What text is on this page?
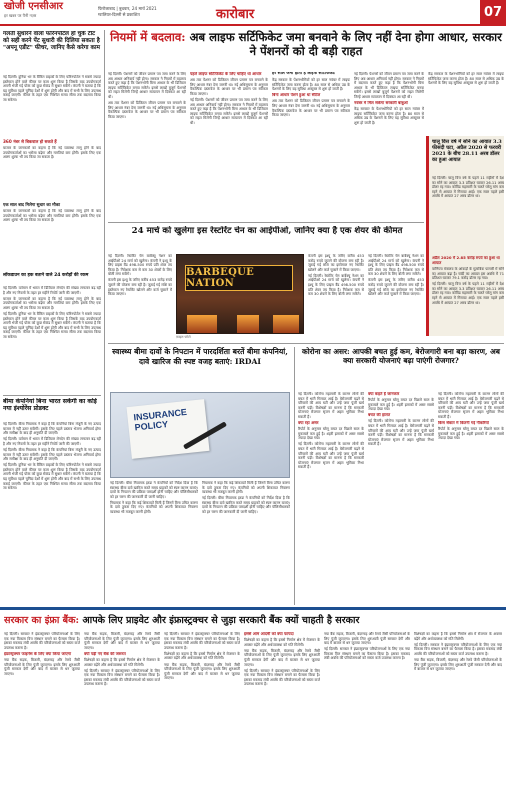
खोजी एनसीआर
हर खबर पर पैनी नज़र
फिरोजाबाद | बुधवार, 24 मार्च 2021
ग्वालियर-दिल्ली से प्रकाशित	कारोबार	07
गलती सुधारने वाला फॉरेनपोर्टल हो चुके टीट को सही करने पेंट सुधारी की दिलिया सकता है "अपनू एडीट" फीचर, जानिए कैसे करेगा काम

नई दिल्ली। दुनिया भर के बैंकिंग ग्राहकों के लिए फॉरेनपोर्टल ने सबसे ज्यादा इस्तेमाल होने वाले फीचर पर काम शुरू किया है जिसके बाद उपयोगकर्ता अपनी भेजी गई पोस्ट को कुछ सेकंड में सुधार सकेंगे। कंपनी ने बताया है कि यह सुविधा पहले चुनिंदा देशों में शुरू होगी और बाद में सभी के लिए उपलब्ध कराई जाएगी। फीचर के तहत एक निश्चित समय सीमा तक बदलाव किया जा सकेगा।

360 नंबर से बिकवाल हो सकते हैं

बाजार के जानकारों का कहना है कि नई व्यवस्था लागू होने के बाद उपयोगकर्ताओं का भरोसा बढ़ेगा और गलतियां कम होंगी। इसके लिए एक अलग शुल्क भी तय किया जा सकता है।

एक साल बाद मिलेगा सुधार का मौका

बाजार के जानकारों का कहना है कि नई व्यवस्था लागू होने के बाद उपयोगकर्ताओं का भरोसा बढ़ेगा और गलतियां कम होंगी। इसके लिए एक अलग शुल्क भी तय किया जा सकता है।

लॉकडाउन का हक बताने वाले 24 करोड़ों की रकम

नई दिल्ली। वर्तमान में भारत में डिजिटल लेनदेन की संख्या लगातार बढ़ रही है और नए नियमों के तहत हर महीने रिपोर्ट जारी की जाएगी।

बाजार के जानकारों का कहना है कि नई व्यवस्था लागू होने के बाद उपयोगकर्ताओं का भरोसा बढ़ेगा और गलतियां कम होंगी। इसके लिए एक अलग शुल्क भी तय किया जा सकता है।

नई दिल्ली। दुनिया भर के बैंकिंग ग्राहकों के लिए फॉरेनपोर्टल ने सबसे ज्यादा इस्तेमाल होने वाले फीचर पर काम शुरू किया है जिसके बाद उपयोगकर्ता अपनी भेजी गई पोस्ट को कुछ सेकंड में सुधार सकेंगे। कंपनी ने बताया है कि यह सुविधा पहले चुनिंदा देशों में शुरू होगी और बाद में सभी के लिए उपलब्ध कराई जाएगी। फीचर के तहत एक निश्चित समय सीमा तक बदलाव किया जा सकेगा।

बीमा कंपनियां बिना भारत सकेंगी का कोई नया इंश्योरेंस प्रोडक्ट

नई दिल्ली। बीमा नियामक ने कहा है कि कंपनियां बिना मंजूरी के नए उत्पाद बाजार में नहीं उतार सकेंगी। इसके लिए पहले प्रस्ताव भेजना अनिवार्य होगा और समीक्षा के बाद ही अनुमति दी जाएगी।

नई दिल्ली। वर्तमान में भारत में डिजिटल लेनदेन की संख्या लगातार बढ़ रही है और नए नियमों के तहत हर महीने रिपोर्ट जारी की जाएगी।

नई दिल्ली। बीमा नियामक ने कहा है कि कंपनियां बिना मंजूरी के नए उत्पाद बाजार में नहीं उतार सकेंगी। इसके लिए पहले प्रस्ताव भेजना अनिवार्य होगा और समीक्षा के बाद ही अनुमति दी जाएगी।

नई दिल्ली। दुनिया भर के बैंकिंग ग्राहकों के लिए फॉरेनपोर्टल ने सबसे ज्यादा इस्तेमाल होने वाले फीचर पर काम शुरू किया है जिसके बाद उपयोगकर्ता अपनी भेजी गई पोस्ट को कुछ सेकंड में सुधार सकेंगे। कंपनी ने बताया है कि यह सुविधा पहले चुनिंदा देशों में शुरू होगी और बाद में सभी के लिए उपलब्ध कराई जाएगी। फीचर के तहत एक निश्चित समय सीमा तक बदलाव किया जा सकेगा।

नियमों में बदलाव: अब लाइफ सर्टिफिकेट जमा बनवाने के लिए नहीं देना होगा आधार, सरकार ने पेंशनरों को दी बड़ी राहत

नई दिल्ली। पेंशनरों को जीवन प्रमाण पत्र जमा करने के लिए अब आधार अनिवार्य नहीं होगा। सरकार ने नियमों में बदलाव करते हुए कहा है कि पेंशनभोगी बिना आधार के भी डिजिटल लाइफ सर्टिफिकेट बनवा सकेंगे। इससे लाखों बुजुर्ग पेंशनरों को राहत मिलेगी जिन्हें आधार सत्यापन में दिक्कत आ रही थी।

अब तक पेंशनर को डिजिटल जीवन प्रमाण पत्र बनवाने के लिए आधार नंबर देना जरूरी था। नई अधिसूचना के अनुसार वैकल्पिक दस्तावेज के आधार पर भी प्रमाण पत्र स्वीकार किया जाएगा।

पहले लाइफ सर्टिफिकेट के लिए चाहिए था आधार

अब तक पेंशनर को डिजिटल जीवन प्रमाण पत्र बनवाने के लिए आधार नंबर देना जरूरी था। नई अधिसूचना के अनुसार वैकल्पिक दस्तावेज के आधार पर भी प्रमाण पत्र स्वीकार किया जाएगा।

नई दिल्ली। पेंशनरों को जीवन प्रमाण पत्र जमा करने के लिए अब आधार अनिवार्य नहीं होगा। सरकार ने नियमों में बदलाव करते हुए कहा है कि पेंशनभोगी बिना आधार के भी डिजिटल लाइफ सर्टिफिकेट बनवा सकेंगे। इससे लाखों बुजुर्ग पेंशनरों को राहत मिलेगी जिन्हें आधार सत्यापन में दिक्कत आ रही थी।

हर साल जमा होता है लाइफ सर्टिफिकेट

केंद्र सरकार के पेंशनभोगियों को हर साल नवंबर में लाइफ सर्टिफिकेट जमा करना होता है। 80 साल से अधिक उम्र के पेंशनरों के लिए यह सुविधा अक्टूबर से शुरू हो जाती है।

बिना आधार पेंशन हुआ था सीटेल

अब तक पेंशनर को डिजिटल जीवन प्रमाण पत्र बनवाने के लिए आधार नंबर देना जरूरी था। नई अधिसूचना के अनुसार वैकल्पिक दस्तावेज के आधार पर भी प्रमाण पत्र स्वीकार किया जाएगा।

नई दिल्ली। पेंशनरों को जीवन प्रमाण पत्र जमा करने के लिए अब आधार अनिवार्य नहीं होगा। सरकार ने नियमों में बदलाव करते हुए कहा है कि पेंशनभोगी बिना आधार के भी डिजिटल लाइफ सर्टिफिकेट बनवा सकेंगे। इससे लाखों बुजुर्ग पेंशनरों को राहत मिलेगी जिन्हें आधार सत्यापन में दिक्कत आ रही थी।

नवंबर में मिल सकेगा सरकारी बाबुओं

केंद्र सरकार के पेंशनभोगियों को हर साल नवंबर में लाइफ सर्टिफिकेट जमा करना होता है। 80 साल से अधिक उम्र के पेंशनरों के लिए यह सुविधा अक्टूबर से शुरू हो जाती है।

केंद्र सरकार के पेंशनभोगियों को हर साल नवंबर में लाइफ सर्टिफिकेट जमा करना होता है। 80 साल से अधिक उम्र के पेंशनरों के लिए यह सुविधा अक्टूबर से शुरू हो जाती है।

चालू वित्त वर्ष में सोने का आयात 3.3 फीसदी घटा, अप्रैल 2020 से फरवरी 2021 के बीच 28.11 अरब डॉलर का हुआ आयात

नई दिल्ली। चालू वित्त वर्ष के पहले 11 महीनों में देश का सोने का आयात 3.3 प्रतिशत घटकर 26.11 अरब डॉलर रह गया। कोविड महामारी के चलते घरेलू मांग कम रहने से आयात में गिरावट आई। एक साल पहले इसी अवधि में आयात 27 अरब डॉलर था।

अप्रैल 2020 में 2.85 करोड़ रुपये का हुआ था आयात

वाणिज्य मंत्रालय के आंकड़ों के मुताबिक फरवरी में सोने का आयात बढ़ा है। चांदी का आयात इस अवधि में 71 प्रतिशत घटकर 79.1 करोड़ डॉलर रह गया।

नई दिल्ली। चालू वित्त वर्ष के पहले 11 महीनों में देश का सोने का आयात 3.3 प्रतिशत घटकर 26.11 अरब डॉलर रह गया। कोविड महामारी के चलते घरेलू मांग कम रहने से आयात में गिरावट आई। एक साल पहले इसी अवधि में आयात 27 अरब डॉलर था।

24 मार्च को खुलेगा इस रेस्टोरेंट चेन का आईपीओ, जानिए क्या है एक शेयर की कीमत

नई दिल्ली। रेस्टोरेंट चेन बार्बेक्यू नेशन का आईपीओ 24 मार्च को खुलेगा। कंपनी ने इश्यू के लिए प्राइस बैंड 498-500 रुपये प्रति शेयर तय किया है। निवेशक कम से कम 30 शेयरों के लिए बोली लगा सकेंगे।

कंपनी इस इश्यू के जरिए करीब 453 करोड़ रुपये जुटाने की योजना बना रही है। जुटाई गई राशि का इस्तेमाल नए रेस्टोरेंट खोलने और कर्ज चुकाने में किया जाएगा।

BARBEQUE NATION
फ़ाइल फोटो

कंपनी इस इश्यू के जरिए करीब 453 करोड़ रुपये जुटाने की योजना बना रही है। जुटाई गई राशि का इस्तेमाल नए रेस्टोरेंट खोलने और कर्ज चुकाने में किया जाएगा।

नई दिल्ली। रेस्टोरेंट चेन बार्बेक्यू नेशन का आईपीओ 24 मार्च को खुलेगा। कंपनी ने इश्यू के लिए प्राइस बैंड 498-500 रुपये प्रति शेयर तय किया है। निवेशक कम से कम 30 शेयरों के लिए बोली लगा सकेंगे।

नई दिल्ली। रेस्टोरेंट चेन बार्बेक्यू नेशन का आईपीओ 24 मार्च को खुलेगा। कंपनी ने इश्यू के लिए प्राइस बैंड 498-500 रुपये प्रति शेयर तय किया है। निवेशक कम से कम 30 शेयरों के लिए बोली लगा सकेंगे।

कंपनी इस इश्यू के जरिए करीब 453 करोड़ रुपये जुटाने की योजना बना रही है। जुटाई गई राशि का इस्तेमाल नए रेस्टोरेंट खोलने और कर्ज चुकाने में किया जाएगा।

स्वास्थ्य बीमा दावों के निपटान में पारदर्शिता बरतें बीमा कंपनियां, दावे खारिज की स्पष्ट वजह बताएं: IRDAI
INSURANCE POLICY

नई दिल्ली। बीमा नियामक इरडा ने कंपनियों को निर्देश दिया है कि स्वास्थ्य बीमा दावे खारिज करते समय ग्राहकों को स्पष्ट कारण बताएं। दावों के निपटान की प्रक्रिया पारदर्शी होनी चाहिए और पॉलिसीधारकों को हर चरण की जानकारी दी जानी चाहिए।

नियामक ने कहा कि कई शिकायतें मिली हैं जिनमें बिना उचित कारण के दावे ठुकरा दिए गए। कंपनियों को अपनी शिकायत निवारण व्यवस्था भी मजबूत करनी होगी।

नियामक ने कहा कि कई शिकायतें मिली हैं जिनमें बिना उचित कारण के दावे ठुकरा दिए गए। कंपनियों को अपनी शिकायत निवारण व्यवस्था भी मजबूत करनी होगी।

नई दिल्ली। बीमा नियामक इरडा ने कंपनियों को निर्देश दिया है कि स्वास्थ्य बीमा दावे खारिज करते समय ग्राहकों को स्पष्ट कारण बताएं। दावों के निपटान की प्रक्रिया पारदर्शी होनी चाहिए और पॉलिसीधारकों को हर चरण की जानकारी दी जानी चाहिए।

कोरोना का असर: आपकी बचत हुई कम, बेरोजगारी बना बड़ा कारण, अब क्या सरकारी योजनाएं बढ़ा पाएंगी रोजगार?

नई दिल्ली। कोरोना महामारी के कारण लोगों की बचत में भारी गिरावट आई है। बेरोजगारी बढ़ने से परिवारों की आय घटी और उन्हें जमा पूंजी खर्च करनी पड़ी। विशेषज्ञों का मानना है कि सरकारी योजनाएं रोजगार सृजन में अहम भूमिका निभा सकती हैं।

क्या रहा असर

रिपोर्ट के अनुसार घरेलू बचत दर पिछले साल के मुकाबले कम हुई है। शहरी इलाकों में असर सबसे ज्यादा देखा गया।

नई दिल्ली। कोरोना महामारी के कारण लोगों की बचत में भारी गिरावट आई है। बेरोजगारी बढ़ने से परिवारों की आय घटी और उन्हें जमा पूंजी खर्च करनी पड़ी। विशेषज्ञों का मानना है कि सरकारी योजनाएं रोजगार सृजन में अहम भूमिका निभा सकती हैं।

क्या कहते हैं जानकार

रिपोर्ट के अनुसार घरेलू बचत दर पिछले साल के मुकाबले कम हुई है। शहरी इलाकों में असर सबसे ज्यादा देखा गया।

बचत की हालत

नई दिल्ली। कोरोना महामारी के कारण लोगों की बचत में भारी गिरावट आई है। बेरोजगारी बढ़ने से परिवारों की आय घटी और उन्हें जमा पूंजी खर्च करनी पड़ी। विशेषज्ञों का मानना है कि सरकारी योजनाएं रोजगार सृजन में अहम भूमिका निभा सकती हैं।

नई दिल्ली। कोरोना महामारी के कारण लोगों की बचत में भारी गिरावट आई है। बेरोजगारी बढ़ने से परिवारों की आय घटी और उन्हें जमा पूंजी खर्च करनी पड़ी। विशेषज्ञों का मानना है कि सरकारी योजनाएं रोजगार सृजन में अहम भूमिका निभा सकती हैं।

किस सेक्टर में कितनी गई नौकरियां

रिपोर्ट के अनुसार घरेलू बचत दर पिछले साल के मुकाबले कम हुई है। शहरी इलाकों में असर सबसे ज्यादा देखा गया।

सरकार का इंफ्रा बैंक: आपके लिए प्राइवेट और इंफ्रास्ट्रक्चर से जुड़ा सरकारी बैंक क्यों चाहती है सरकार

नई दिल्ली। सरकार ने इंफ्रास्ट्रक्चर परियोजनाओं के लिए एक नया विकास वित्त संस्थान बनाने का फैसला किया है। इसका मकसद लंबी अवधि की परियोजनाओं को सस्ता कर्ज उपलब्ध कराना है।

इंफ्रास्ट्रक्चर फाइनेंस के लिए क्या किया जाएगा

नया बैंक सड़क, बिजली, बंदरगाह और रेलवे जैसी परियोजनाओं के लिए पूंजी जुटाएगा। इसके लिए शुरुआती पूंजी सरकार देगी और बाद में बाजार से धन जुटाया जाएगा।

नया बैंक सड़क, बिजली, बंदरगाह और रेलवे जैसी परियोजनाओं के लिए पूंजी जुटाएगा। इसके लिए शुरुआती पूंजी सरकार देगी और बाद में बाजार से धन जुटाया जाएगा।

क्यों पड़ी नए बैंक की जरूरत

विशेषज्ञों का कहना है कि इससे निर्माण क्षेत्र में रोजगार के अवसर बढ़ेंगे और अर्थव्यवस्था को गति मिलेगी।

नई दिल्ली। सरकार ने इंफ्रास्ट्रक्चर परियोजनाओं के लिए एक नया विकास वित्त संस्थान बनाने का फैसला किया है। इसका मकसद लंबी अवधि की परियोजनाओं को सस्ता कर्ज उपलब्ध कराना है।

नई दिल्ली। सरकार ने इंफ्रास्ट्रक्चर परियोजनाओं के लिए एक नया विकास वित्त संस्थान बनाने का फैसला किया है। इसका मकसद लंबी अवधि की परियोजनाओं को सस्ता कर्ज उपलब्ध कराना है।

विशेषज्ञों का कहना है कि इससे निर्माण क्षेत्र में रोजगार के अवसर बढ़ेंगे और अर्थव्यवस्था को गति मिलेगी।

नया बैंक सड़क, बिजली, बंदरगाह और रेलवे जैसी परियोजनाओं के लिए पूंजी जुटाएगा। इसके लिए शुरुआती पूंजी सरकार देगी और बाद में बाजार से धन जुटाया जाएगा।

इससे आम आदमी को क्या फायदा

विशेषज्ञों का कहना है कि इससे निर्माण क्षेत्र में रोजगार के अवसर बढ़ेंगे और अर्थव्यवस्था को गति मिलेगी।

नया बैंक सड़क, बिजली, बंदरगाह और रेलवे जैसी परियोजनाओं के लिए पूंजी जुटाएगा। इसके लिए शुरुआती पूंजी सरकार देगी और बाद में बाजार से धन जुटाया जाएगा।

नई दिल्ली। सरकार ने इंफ्रास्ट्रक्चर परियोजनाओं के लिए एक नया विकास वित्त संस्थान बनाने का फैसला किया है। इसका मकसद लंबी अवधि की परियोजनाओं को सस्ता कर्ज उपलब्ध कराना है।

नया बैंक सड़क, बिजली, बंदरगाह और रेलवे जैसी परियोजनाओं के लिए पूंजी जुटाएगा। इसके लिए शुरुआती पूंजी सरकार देगी और बाद में बाजार से धन जुटाया जाएगा।

नई दिल्ली। सरकार ने इंफ्रास्ट्रक्चर परियोजनाओं के लिए एक नया विकास वित्त संस्थान बनाने का फैसला किया है। इसका मकसद लंबी अवधि की परियोजनाओं को सस्ता कर्ज उपलब्ध कराना है।

विशेषज्ञों का कहना है कि इससे निर्माण क्षेत्र में रोजगार के अवसर बढ़ेंगे और अर्थव्यवस्था को गति मिलेगी।

नई दिल्ली। सरकार ने इंफ्रास्ट्रक्चर परियोजनाओं के लिए एक नया विकास वित्त संस्थान बनाने का फैसला किया है। इसका मकसद लंबी अवधि की परियोजनाओं को सस्ता कर्ज उपलब्ध कराना है।

नया बैंक सड़क, बिजली, बंदरगाह और रेलवे जैसी परियोजनाओं के लिए पूंजी जुटाएगा। इसके लिए शुरुआती पूंजी सरकार देगी और बाद में बाजार से धन जुटाया जाएगा।
